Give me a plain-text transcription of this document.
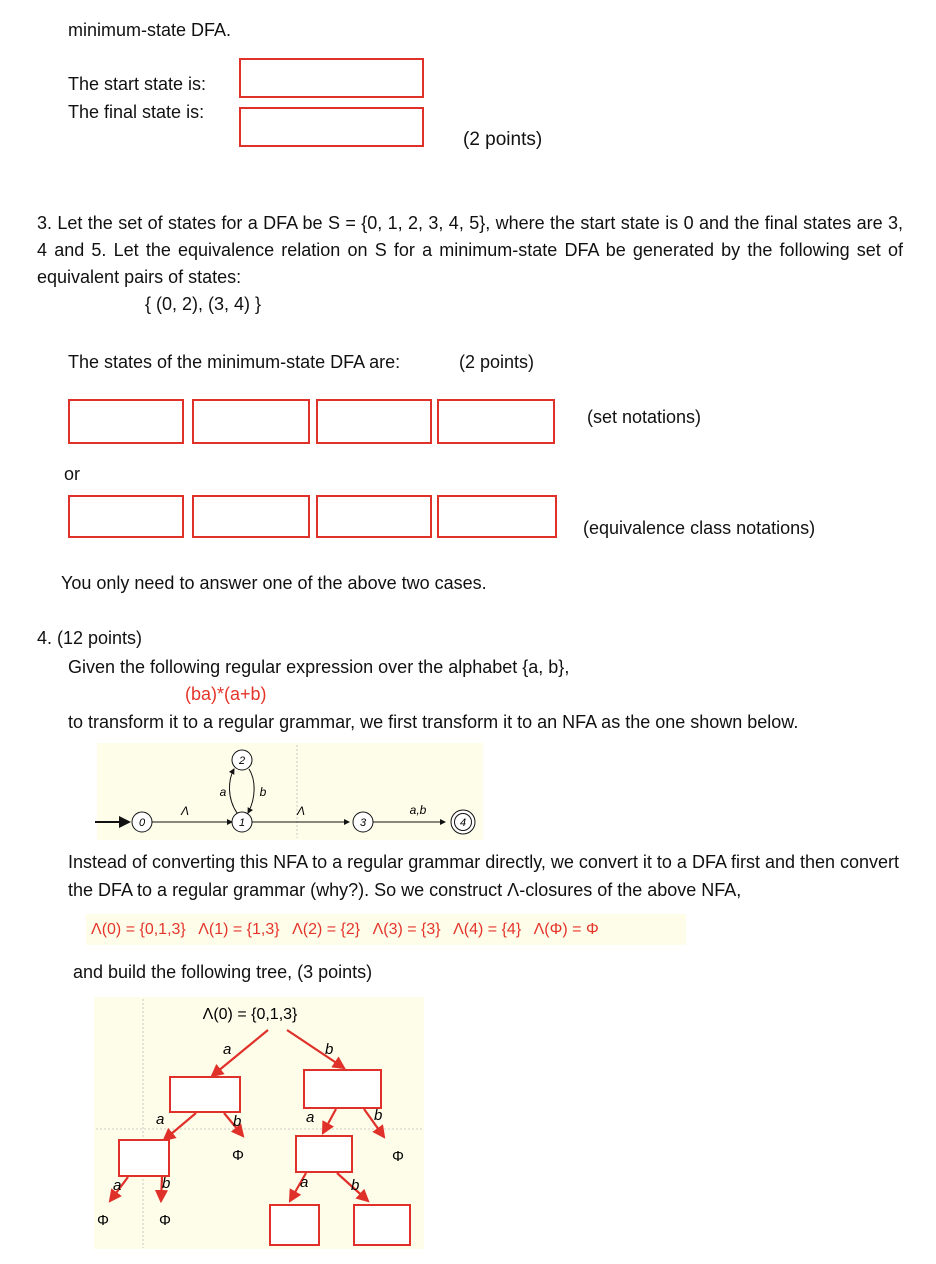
minimum-state DFA.
The start state is:
The final state is:
(2 points)
3. Let the set of states for a DFA be S = {0, 1, 2, 3, 4, 5}, where the start state is 0 and the final states are 3, 4 and 5. Let the equivalence relation on S for a minimum-state DFA be generated by the following set of equivalent pairs of states:
{ (0, 2), (3, 4) }
The states of the minimum-state DFA are:	(2 points)
(set notations)
or
(equivalence class notations)
You only need to answer one of the above two cases.
4. (12 points)
Given the following regular expression over the alphabet {a, b},
(ba)*(a+b)
to transform it to a regular grammar, we first transform it to an NFA as the one shown below.
0	1
2
3	4
Λ	Λ
a	b
a,b
Instead of converting this NFA to a regular grammar directly, we convert it to a DFA first and then convert the DFA to a regular grammar (why?). So we construct Λ-closures of the above NFA,
Λ(0) = {0,1,3}   Λ(1) = {1,3}   Λ(2) = {2}   Λ(3) = {3}   Λ(4) = {4}   Λ(Φ) = Φ
and build the following tree, (3 points)
Λ(0) = {0,1,3}
a	b
a	b
Φ
a	b
Φ
a	b
Φ	Φ
a	b
